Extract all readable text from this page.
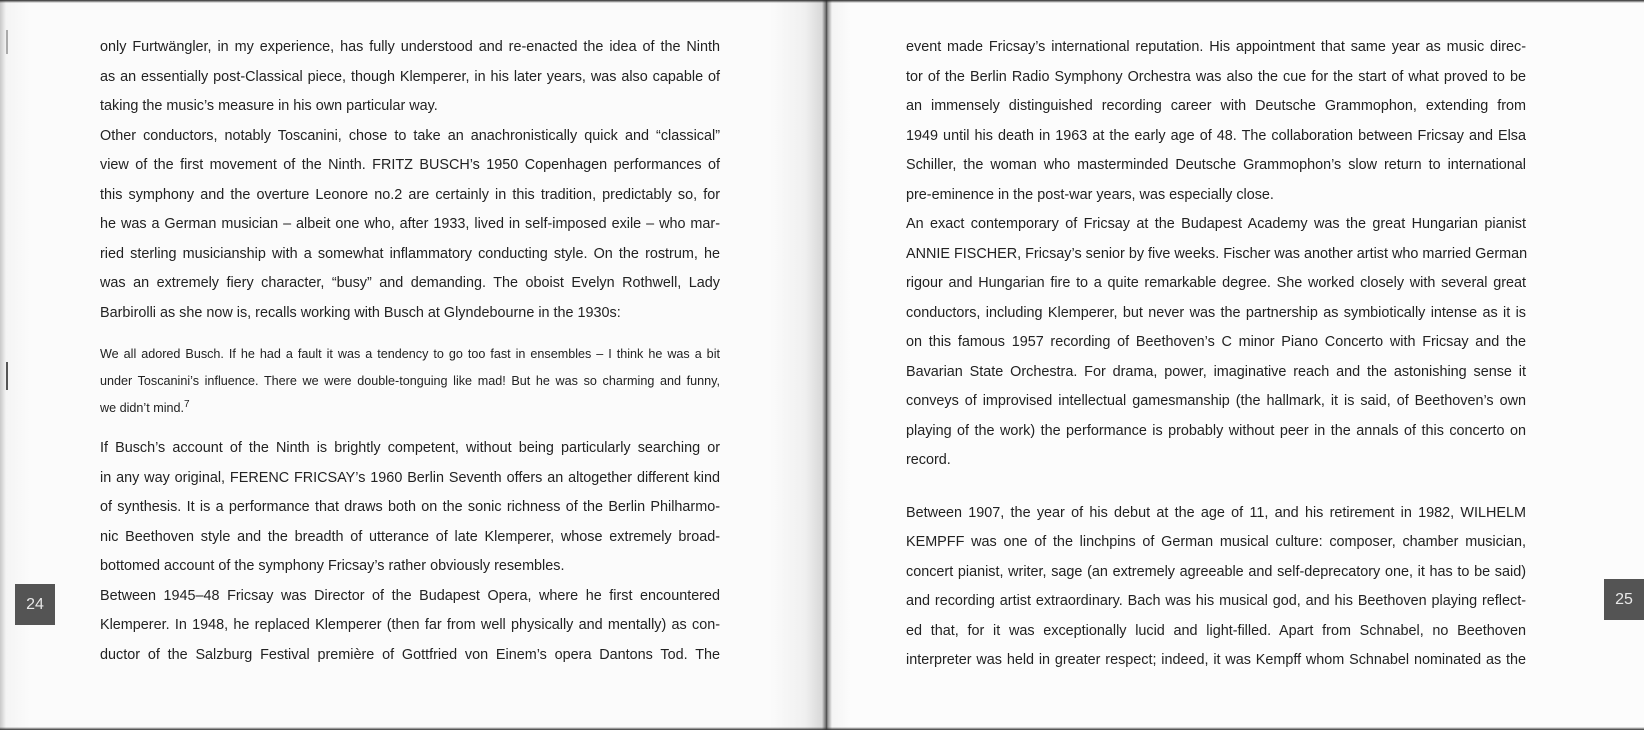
only Furtwängler, in my experience, has fully understood and re-enacted the idea of the Ninth
as an essentially post-Classical piece, though Klemperer, in his later years, was also capable of
taking the music’s measure in his own particular way.
Other conductors, notably Toscanini, chose to take an anachronistically quick and “classical”
view of the first movement of the Ninth. FRITZ BUSCH’s 1950 Copenhagen performances of
this symphony and the overture Leonore no.2 are certainly in this tradition, predictably so, for
he was a German musician – albeit one who, after 1933, lived in self-imposed exile – who mar-
ried sterling musicianship with a somewhat inflammatory conducting style. On the rostrum, he
was an extremely fiery character, “busy” and demanding. The oboist Evelyn Rothwell, Lady
Barbirolli as she now is, recalls working with Busch at Glyndebourne in the 1930s:
We all adored Busch. If he had a fault it was a tendency to go too fast in ensembles – I think he was a bit
under Toscanini’s influence. There we were double-tonguing like mad! But he was so charming and funny,
we didn’t mind.$^7$
If Busch’s account of the Ninth is brightly competent, without being particularly searching or
in any way original, FERENC FRICSAY’s 1960 Berlin Seventh offers an altogether different kind
of synthesis. It is a performance that draws both on the sonic richness of the Berlin Philharmo-
nic Beethoven style and the breadth of utterance of late Klemperer, whose extremely broad-
bottomed account of the symphony Fricsay’s rather obviously resembles.
Between 1945–48 Fricsay was Director of the Budapest Opera, where he first encountered
Klemperer. In 1948, he replaced Klemperer (then far from well physically and mentally) as con-
ductor of the Salzburg Festival première of Gottfried von Einem’s opera Dantons Tod. The
24
event made Fricsay’s international reputation. His appointment that same year as music direc-
tor of the Berlin Radio Symphony Orchestra was also the cue for the start of what proved to be
an immensely distinguished recording career with Deutsche Grammophon, extending from
1949 until his death in 1963 at the early age of 48. The collaboration between Fricsay and Elsa
Schiller, the woman who masterminded Deutsche Grammophon’s slow return to international
pre-eminence in the post-war years, was especially close.
An exact contemporary of Fricsay at the Budapest Academy was the great Hungarian pianist
ANNIE FISCHER, Fricsay’s senior by five weeks. Fischer was another artist who married German
rigour and Hungarian fire to a quite remarkable degree. She worked closely with several great
conductors, including Klemperer, but never was the partnership as symbiotically intense as it is
on this famous 1957 recording of Beethoven’s C minor Piano Concerto with Fricsay and the
Bavarian State Orchestra. For drama, power, imaginative reach and the astonishing sense it
conveys of improvised intellectual gamesmanship (the hallmark, it is said, of Beethoven’s own
playing of the work) the performance is probably without peer in the annals of this concerto on
record.
Between 1907, the year of his debut at the age of 11, and his retirement in 1982, WILHELM
KEMPFF was one of the linchpins of German musical culture: composer, chamber musician,
concert pianist, writer, sage (an extremely agreeable and self-deprecatory one, it has to be said)
and recording artist extraordinary. Bach was his musical god, and his Beethoven playing reflect-
ed that, for it was exceptionally lucid and light-filled. Apart from Schnabel, no Beethoven
interpreter was held in greater respect; indeed, it was Kempff whom Schnabel nominated as the
25
